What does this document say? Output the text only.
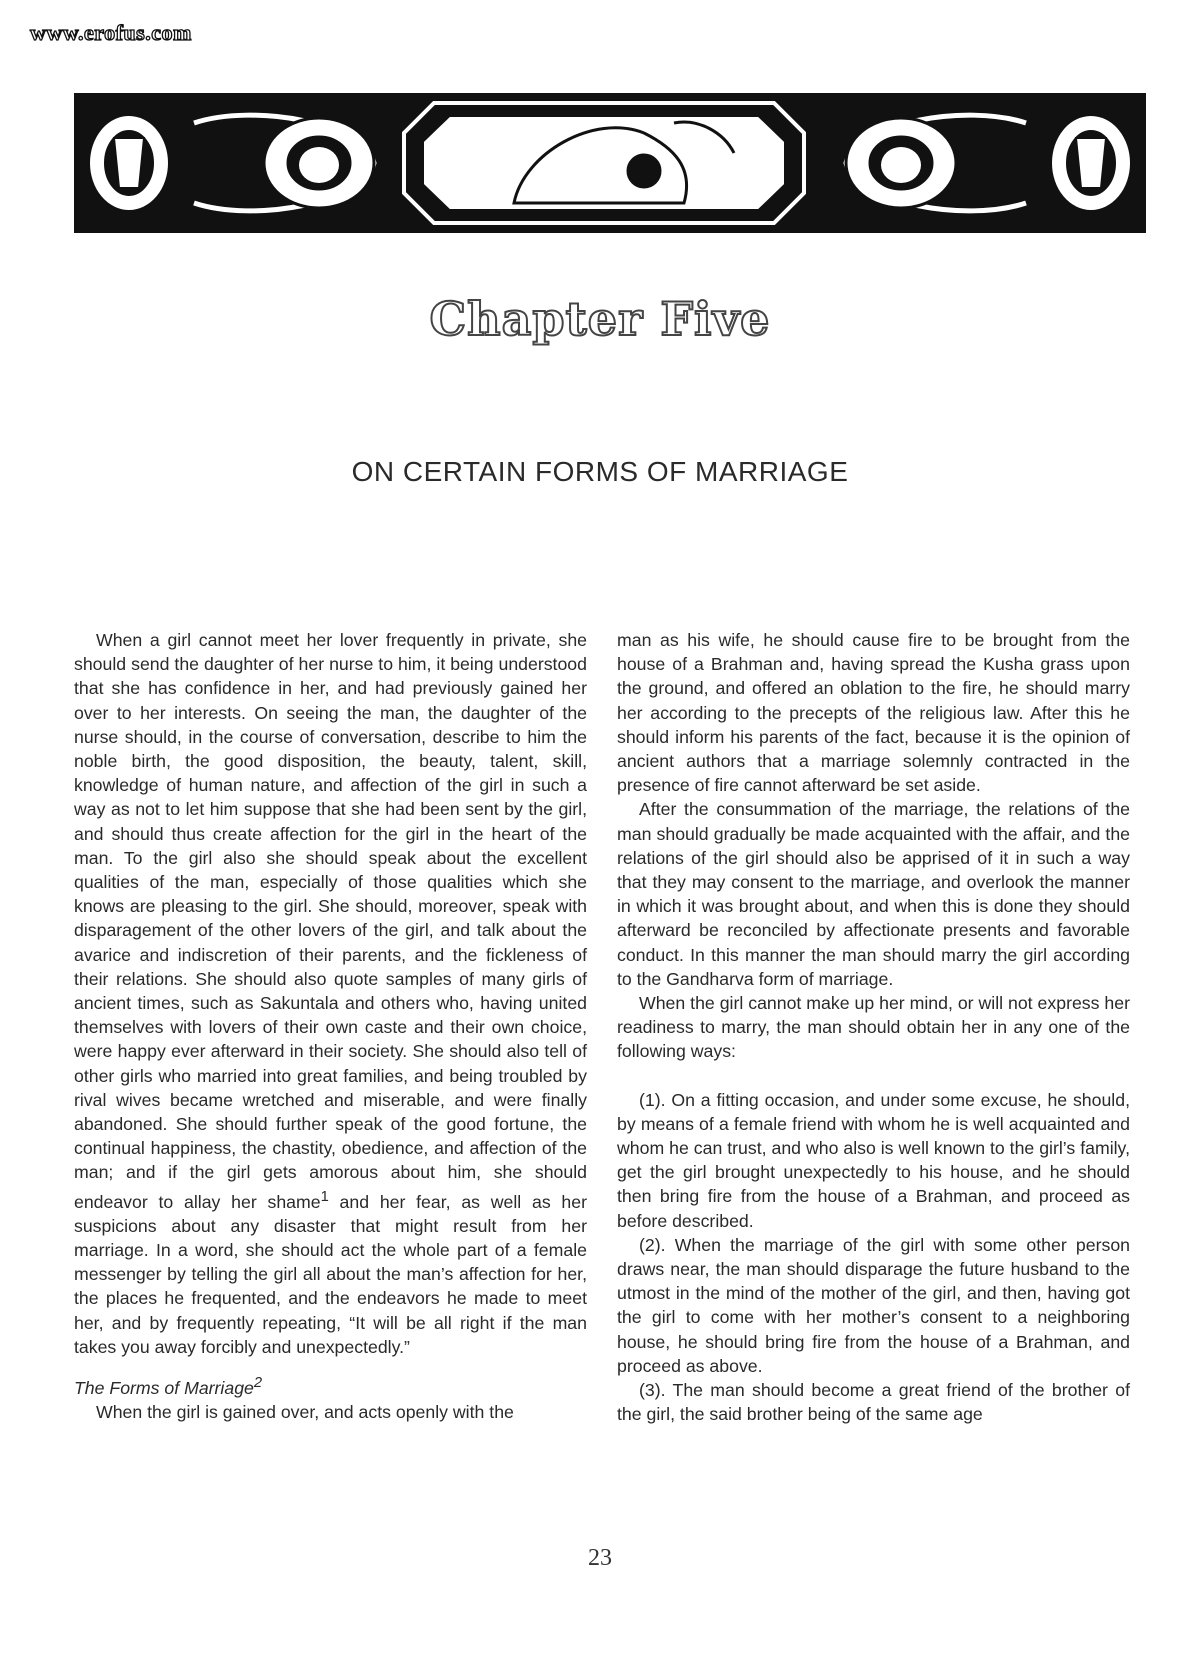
www.erofus.com
Chapter Five
ON CERTAIN FORMS OF MARRIAGE

When a girl cannot meet her lover frequently in private, she should send the daughter of her nurse to him, it being understood that she has confidence in her, and had previously gained her over to her interests. On seeing the man, the daughter of the nurse should, in the course of conversation, describe to him the noble birth, the good disposition, the beauty, talent, skill, knowledge of human nature, and affection of the girl in such a way as not to let him suppose that she had been sent by the girl, and should thus create affection for the girl in the heart of the man. To the girl also she should speak about the excellent qualities of the man, especially of those qualities which she knows are pleasing to the girl. She should, moreover, speak with disparagement of the other lovers of the girl, and talk about the avarice and indiscretion of their parents, and the fickleness of their relations. She should also quote samples of many girls of ancient times, such as Sakuntala and others who, having united themselves with lovers of their own caste and their own choice, were happy ever afterward in their society. She should also tell of other girls who married into great families, and being troubled by rival wives became wretched and miserable, and were finally abandoned. She should further speak of the good fortune, the continual happiness, the chastity, obedience, and affection of the man; and if the girl gets amorous about him, she should endeavor to allay her shame$^1$ and her fear, as well as her suspicions about any disaster that might result from her marriage. In a word, she should act the whole part of a female messenger by telling the girl all about the man’s affection for her, the places he frequented, and the endeavors he made to meet her, and by frequently repeating, “It will be all right if the man takes you away forcibly and unexpectedly.”

The Forms of Marriage$^2$

When the girl is gained over, and acts openly with the

man as his wife, he should cause fire to be brought from the house of a Brahman and, having spread the Kusha grass upon the ground, and offered an oblation to the fire, he should marry her according to the precepts of the religious law. After this he should inform his parents of the fact, because it is the opinion of ancient authors that a marriage solemnly contracted in the presence of fire cannot afterward be set aside.

After the consummation of the marriage, the relations of the man should gradually be made acquainted with the affair, and the relations of the girl should also be apprised of it in such a way that they may consent to the marriage, and overlook the manner in which it was brought about, and when this is done they should afterward be reconciled by affectionate presents and favorable conduct. In this manner the man should marry the girl according to the Gandharva form of marriage.

When the girl cannot make up her mind, or will not express her readiness to marry, the man should obtain her in any one of the following ways:

(1). On a fitting occasion, and under some excuse, he should, by means of a female friend with whom he is well acquainted and whom he can trust, and who also is well known to the girl’s family, get the girl brought unexpectedly to his house, and he should then bring fire from the house of a Brahman, and proceed as before described.

(2). When the marriage of the girl with some other person draws near, the man should disparage the future husband to the utmost in the mind of the mother of the girl, and then, having got the girl to come with her mother’s consent to a neighboring house, he should bring fire from the house of a Brahman, and proceed as above.

(3). The man should become a great friend of the brother of the girl, the said brother being of the same age

23
